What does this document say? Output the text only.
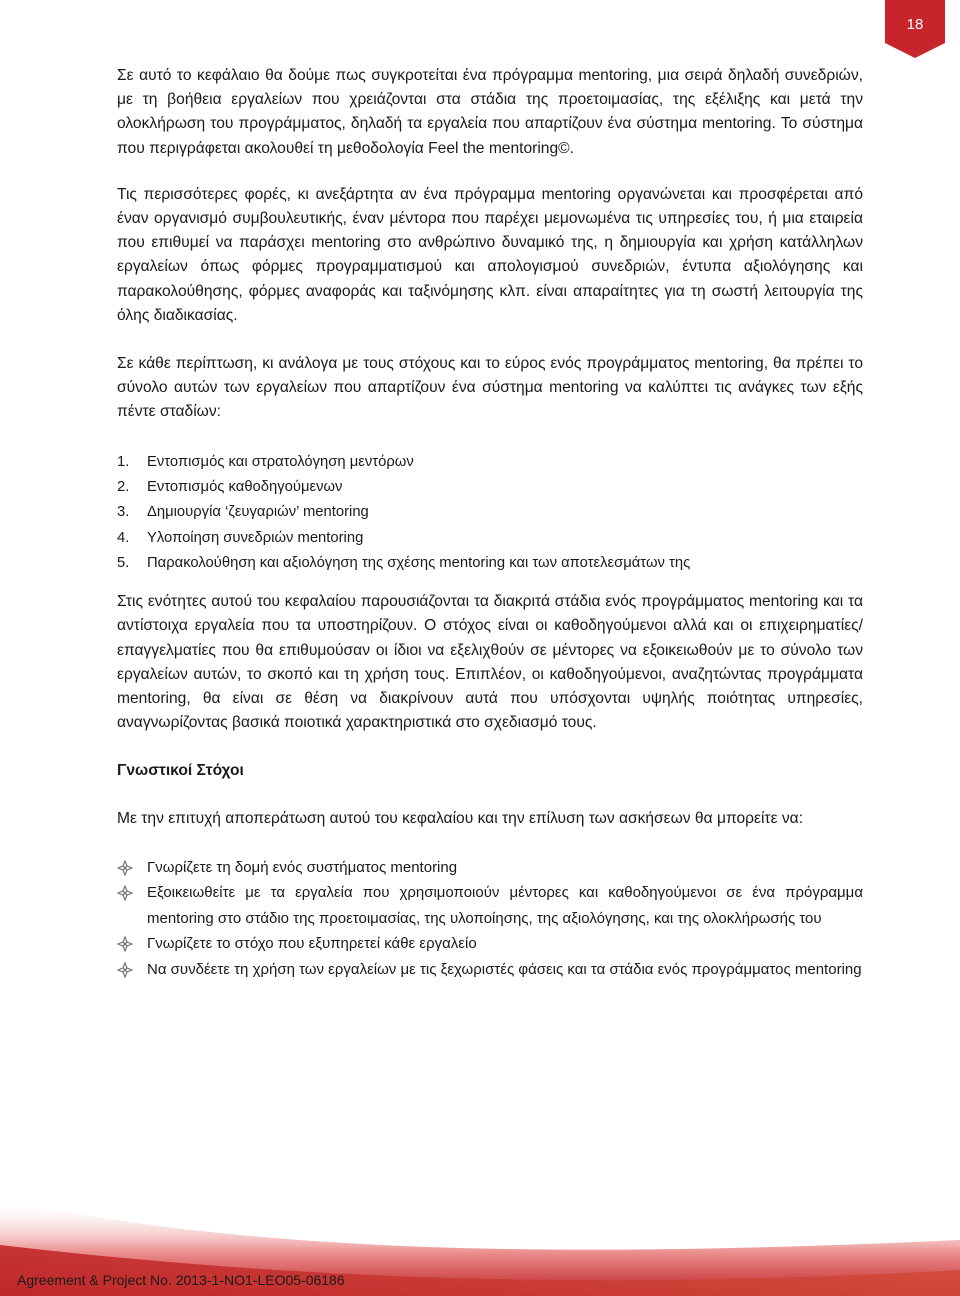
18

Σε αυτό το κεφάλαιο θα δούμε πως συγκροτείται ένα πρόγραμμα mentoring, μια σειρά δηλαδή συνεδριών, με τη βοήθεια εργαλείων που χρειάζονται στα στάδια της προετοιμασίας, της εξέλιξης και μετά την ολοκλήρωση του προγράμματος, δηλαδή τα εργαλεία που απαρτίζουν ένα σύστημα mentoring. Το σύστημα που περιγράφεται ακολουθεί τη μεθοδολογία Feel the mentoring©.

Τις περισσότερες φορές, κι ανεξάρτητα αν ένα πρόγραμμα mentoring οργανώνεται και προσφέρεται από έναν οργανισμό συμβουλευτικής, έναν μέντορα που παρέχει μεμονωμένα τις υπηρεσίες του, ή μια εταιρεία που επιθυμεί να παράσχει mentoring στο ανθρώπινο δυναμικό της, η δημιουργία και χρήση κατάλληλων εργαλείων όπως φόρμες προγραμματισμού και απολογισμού συνεδριών, έντυπα αξιολόγησης και παρακολούθησης, φόρμες αναφοράς και ταξινόμησης κλπ. είναι απαραίτητες για τη σωστή λειτουργία της όλης διαδικασίας.

Σε κάθε περίπτωση, κι ανάλογα με τους στόχους και το εύρος ενός προγράμματος mentoring, θα πρέπει το σύνολο αυτών των εργαλείων που απαρτίζουν ένα σύστημα mentoring να καλύπτει τις ανάγκες των εξής πέντε σταδίων:

1. Εντοπισμός και στρατολόγηση μεντόρων
2. Εντοπισμός καθοδηγούμενων
3. Δημιουργία ‘ζευγαριών’ mentoring
4. Υλοποίηση συνεδριών mentoring
5. Παρακολούθηση και αξιολόγηση της σχέσης mentoring και των αποτελεσμάτων της

Στις ενότητες αυτού του κεφαλαίου παρουσιάζονται τα διακριτά στάδια ενός προγράμματος mentoring και τα αντίστοιχα εργαλεία που τα υποστηρίζουν. Ο στόχος είναι οι καθοδηγούμενοι αλλά και οι επιχειρηματίες/επαγγελματίες που θα επιθυμούσαν οι ίδιοι να εξελιχθούν σε μέντορες να εξοικειωθούν με το σύνολο των εργαλείων αυτών, το σκοπό και τη χρήση τους. Επιπλέον, οι καθοδηγούμενοι, αναζητώντας προγράμματα mentoring, θα είναι σε θέση να διακρίνουν αυτά που υπόσχονται υψηλής ποιότητας υπηρεσίες, αναγνωρίζοντας βασικά ποιοτικά χαρακτηριστικά στο σχεδιασμό τους.

Γνωστικοί Στόχοι

Με την επιτυχή αποπεράτωση αυτού του κεφαλαίου και την επίλυση των ασκήσεων θα μπορείτε να:

Γνωρίζετε τη δομή ενός συστήματος mentoring
Εξοικειωθείτε με τα εργαλεία που χρησιμοποιούν μέντορες και καθοδηγούμενοι σε ένα πρόγραμμα mentoring στο στάδιο της προετοιμασίας, της υλοποίησης, της αξιολόγησης, και της ολοκλήρωσής του
Γνωρίζετε το στόχο που εξυπηρετεί κάθε εργαλείο
Να συνδέετε τη χρήση των εργαλείων με τις ξεχωριστές φάσεις και τα στάδια ενός προγράμματος mentoring
Agreement & Project No. 2013-1-NO1-LEO05-06186
